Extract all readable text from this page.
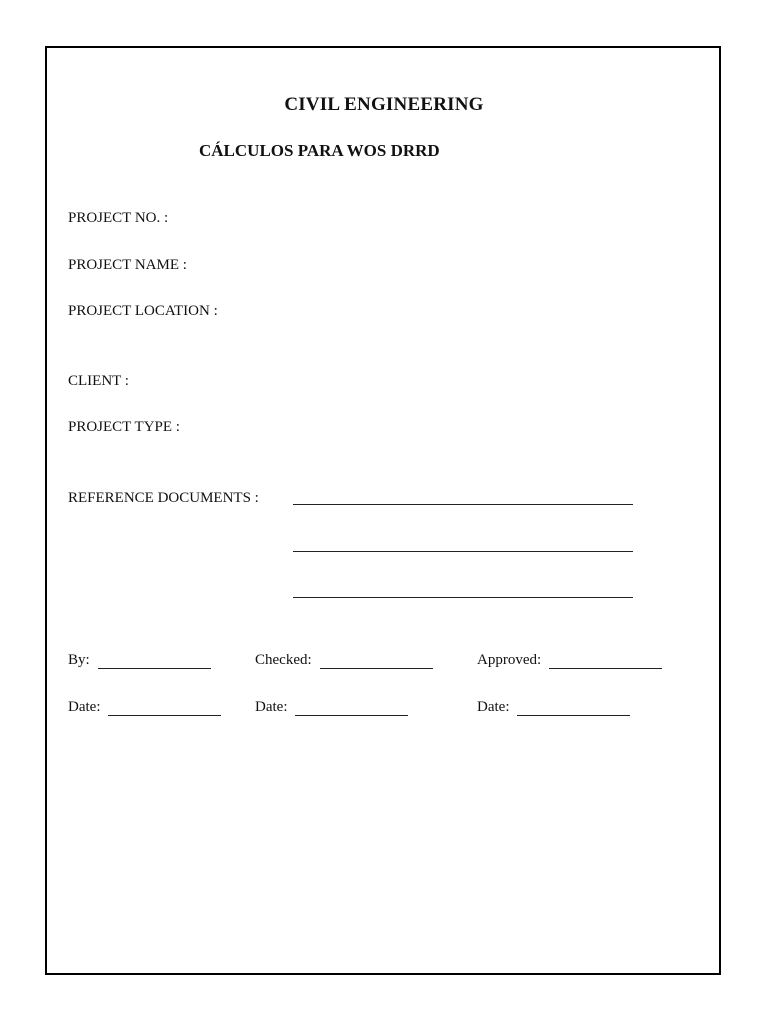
CIVIL ENGINEERING
CÁLCULOS PARA WOS DRRD
PROJECT NO. :
PROJECT NAME :
PROJECT LOCATION :
CLIENT :
PROJECT TYPE :
REFERENCE DOCUMENTS :
By:	Checked:	Approved:
Date:	Date:	Date:
